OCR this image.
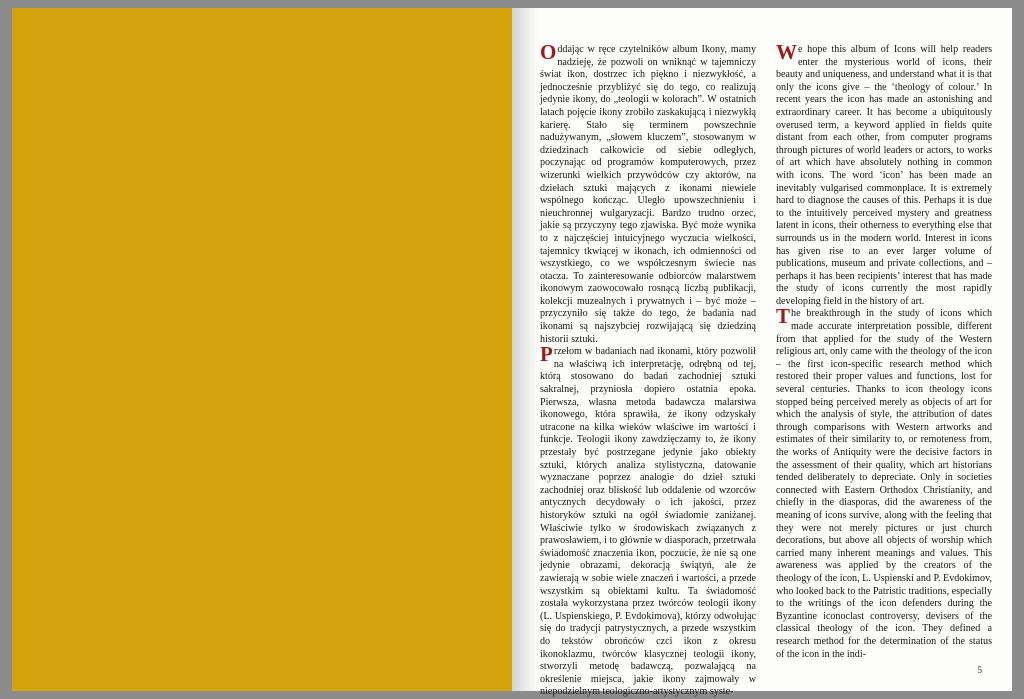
Oddając w ręce czytelników album Ikony, mamy nadzieję, że pozwoli on wniknąć w tajemniczy świat ikon, dostrzec ich piękno i niezwykłość, a jednocześnie przybliżyć się do tego, co realizują jedynie ikony, do „teologii w kolorach”. W ostatnich latach pojęcie ikony zrobiło zaskakującą i niezwykłą karierę. Stało się terminem powszechnie nadużywanym, „słowem kluczem”, stosowanym w dziedzinach całkowicie od siebie odległych, poczynając od programów komputerowych, przez wizerunki wielkich przywódców czy aktorów, na dziełach sztuki mających z ikonami niewiele wspólnego kończąc. Uległo upowszechnieniu i nieuchronnej wulgaryzacji. Bardzo trudno orzec, jakie są przyczyny tego zjawiska. Być może wynika to z najczęściej intuicyjnego wyczucia wielkości, tajemnicy tkwiącej w ikonach, ich odmienności od wszystkiego, co we współczesnym świecie nas otacza. To zainteresowanie odbiorców malarstwem ikonowym zaowocowało rosnącą liczbą publikacji, kolekcji muzealnych i prywatnych i – być może – przyczyniło się także do tego, że badania nad ikonami są najszybciej rozwijającą się dziedziną historii sztuki.

Przełom w badaniach nad ikonami, który pozwolił na właściwą ich interpretację, odrębną od tej, którą stosowano do badań zachodniej sztuki sakralnej, przyniosła dopiero ostatnia epoka. Pierwsza, własna metoda badawcza malarstwa ikonowego, która sprawiła, że ikony odzyskały utracone na kilka wieków właściwe im wartości i funkcje. Teologii ikony zawdzięczamy to, że ikony przestały być postrzegane jedynie jako obiekty sztuki, których analiza stylistyczna, datowanie wyznaczane poprzez analogie do dzieł sztuki zachodniej oraz bliskość lub oddalenie od wzorców antycznych decydowały o ich jakości, przez historyków sztuki na ogół świadomie zaniżanej. Właściwie tylko w środowiskach związanych z prawosławiem, i to głównie w diasporach, przetrwała świadomość znaczenia ikon, poczucie, że nie są one jedynie obrazami, dekoracją świątyń, ale że zawierają w sobie wiele znaczeń i wartości, a przede wszystkim są obiektami kultu. Ta świadomość została wykorzystana przez twórców teologii ikony (L. Uspienskiego, P. Evdokimova), którzy odwołując się do tradycji patrystycznych, a przede wszystkim do tekstów obrońców czci ikon z okresu ikonoklazmu, twórców klasycznej teologii ikony, stworzyli metodę badawczą, pozwalającą na określenie miejsca, jakie ikony zajmowały w niepodzielnym teologiczno-artystycznym syste-

We hope this album of Icons will help readers enter the mysterious world of icons, their beauty and uniqueness, and understand what it is that only the icons give – the ‘theology of colour.’ In recent years the icon has made an astonishing and extraordinary career. It has become a ubiquitously overused term, a keyword applied in fields quite distant from each other, from computer programs through pictures of world leaders or actors, to works of art which have absolutely nothing in common with icons. The word ‘icon’ has been made an inevitably vulgarised commonplace. It is extremely hard to diagnose the causes of this. Perhaps it is due to the intuitively perceived mystery and greatness latent in icons, their otherness to everything else that surrounds us in the modern world. Interest in icons has given rise to an ever larger volume of publications, museum and private collections, and – perhaps it has been recipients’ interest that has made the study of icons currently the most rapidly developing field in the history of art.

The breakthrough in the study of icons which made accurate interpretation possible, different from that applied for the study of the Western religious art, only came with the theology of the icon – the first icon-specific research method which restored their proper values and functions, lost for several centuries. Thanks to icon theology icons stopped being perceived merely as objects of art for which the analysis of style, the attribution of dates through comparisons with Western artworks and estimates of their similarity to, or remoteness from, the works of Antiquity were the decisive factors in the assessment of their quality, which art historians tended deliberately to depreciate. Only in societies connected with Eastern Orthodox Christianity, and chiefly in the diasporas, did the awareness of the meaning of icons survive, along with the feeling that they were not merely pictures or just church decorations, but above all objects of worship which carried many inherent meanings and values. This awareness was applied by the creators of the theology of the icon, L. Uspienski and P. Evdokimov, who looked back to the Patristic traditions, especially to the writings of the icon defenders during the Byzantine iconoclast controversy, devisers of the classical theology of the icon. They defined a research method for the determination of the status of the icon in the indi-

5
